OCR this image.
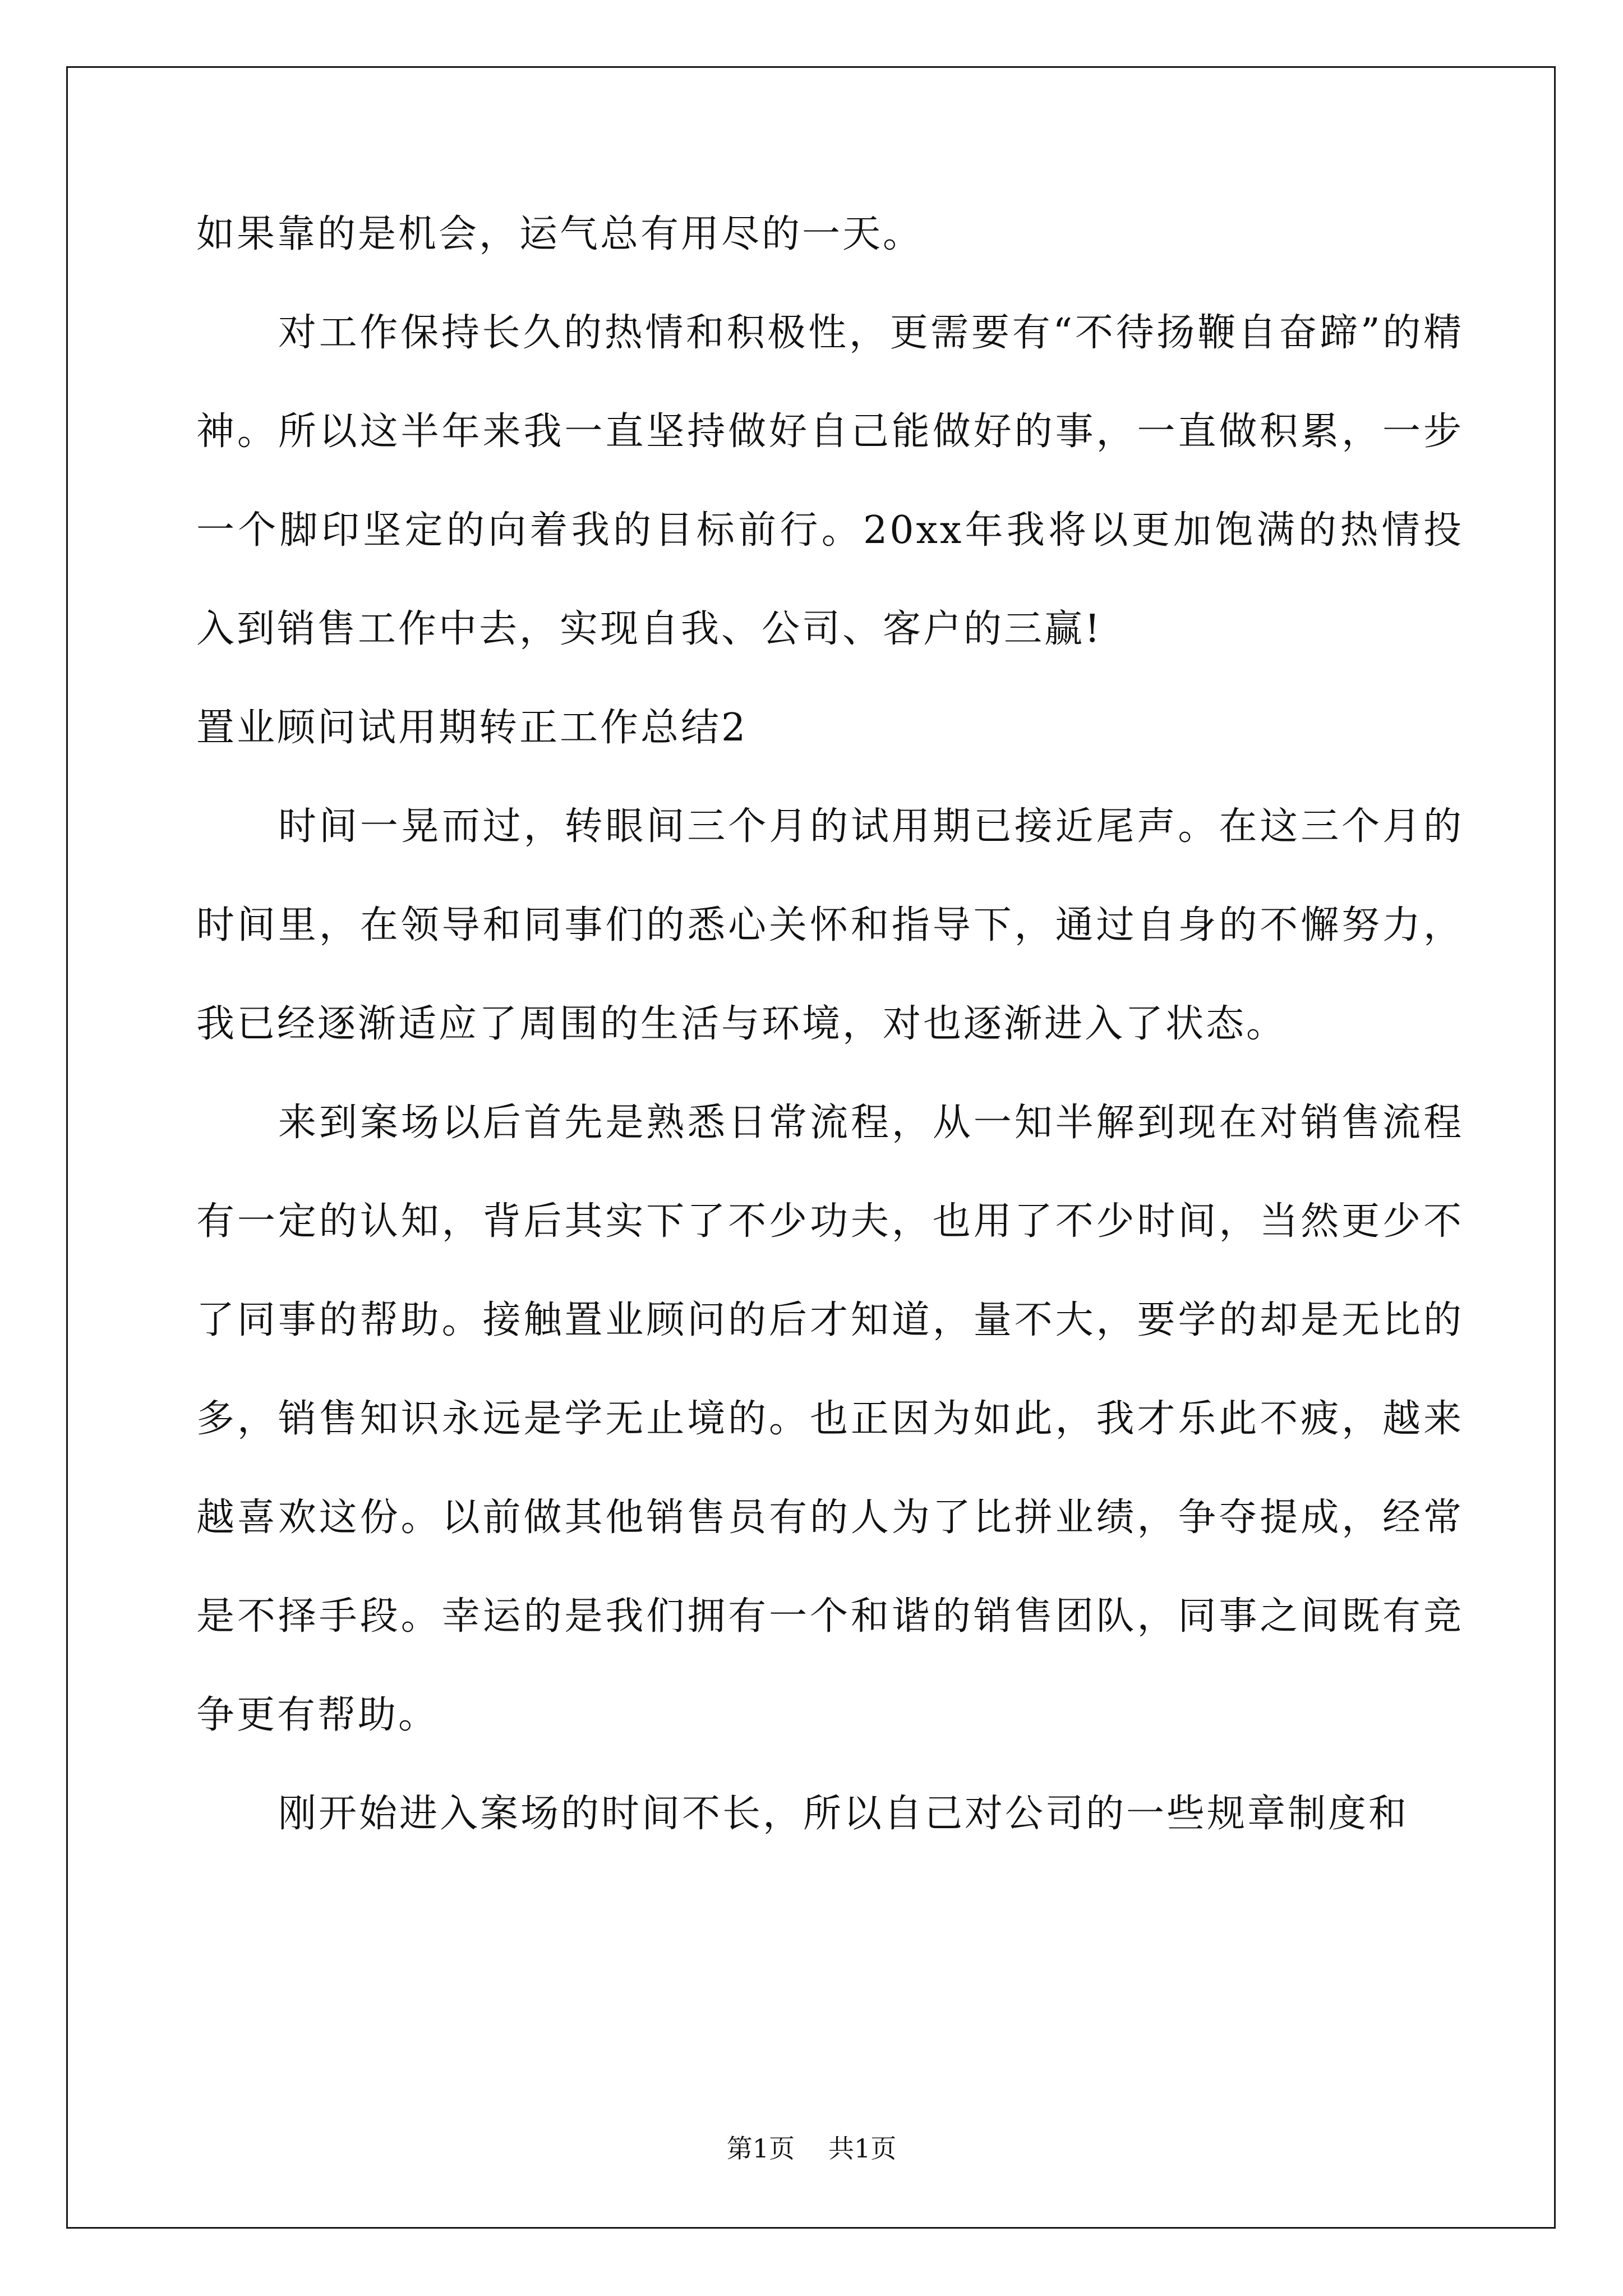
如果靠的是机会，运气总有用尽的一天。

对工作保持长久的热情和积极性，更需要有“不待扬鞭自奋蹄”的精神。所以这半年来我一直坚持做好自己能做好的事，一直做积累，一步一个脚印坚定的向着我的目标前行。20xx年我将以更加饱满的热情投入到销售工作中去，实现自我、公司、客户的三赢!

置业顾问试用期转正工作总结2

时间一晃而过，转眼间三个月的试用期已接近尾声。在这三个月的时间里，在领导和同事们的悉心关怀和指导下，通过自身的不懈努力，我已经逐渐适应了周围的生活与环境，对也逐渐进入了状态。

来到案场以后首先是熟悉日常流程，从一知半解到现在对销售流程有一定的认知，背后其实下了不少功夫，也用了不少时间，当然更少不了同事的帮助。接触置业顾问的后才知道，量不大，要学的却是无比的多，销售知识永远是学无止境的。也正因为如此，我才乐此不疲，越来越喜欢这份。以前做其他销售员有的人为了比拼业绩，争夺提成，经常是不择手段。幸运的是我们拥有一个和谐的销售团队，同事之间既有竞争更有帮助。

刚开始进入案场的时间不长，所以自己对公司的一些规章制度和

第1页 共1页
